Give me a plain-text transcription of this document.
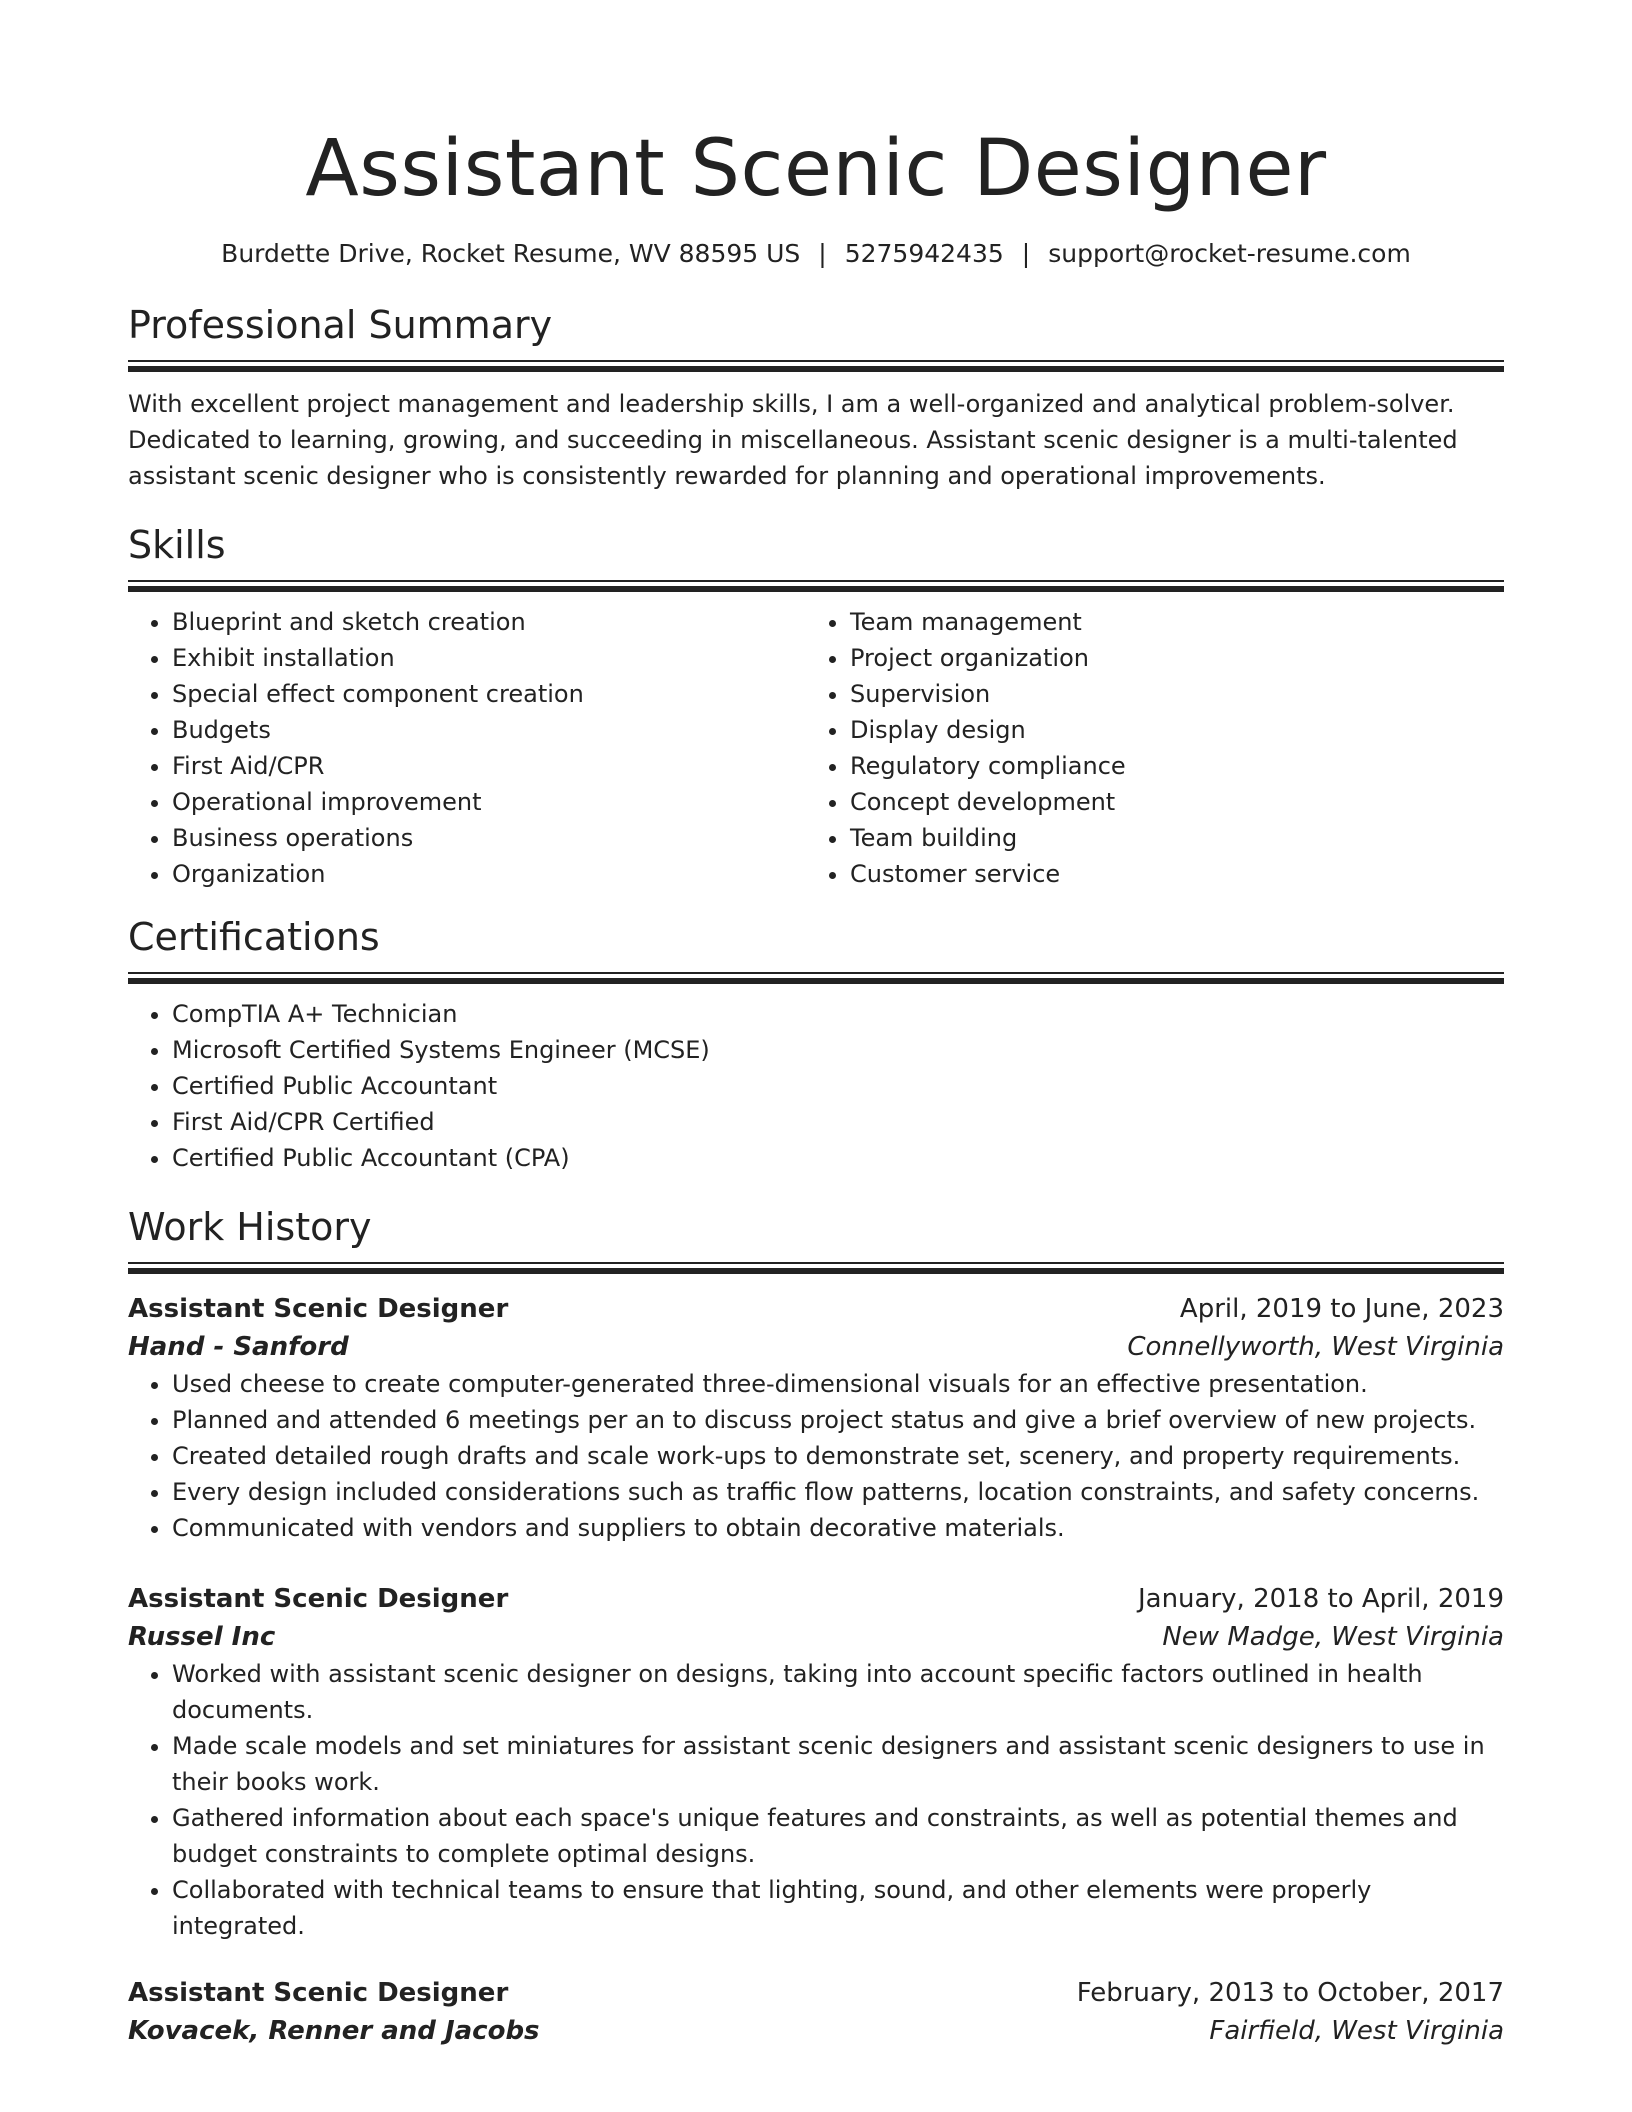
Assistant Scenic Designer
Burdette Drive, Rocket Resume, WV 88595 US | 5275942435 | support@rocket-resume.com
Professional Summary
With excellent project management and leadership skills, I am a well-organized and analytical problem-solver. Dedicated to learning, growing, and succeeding in miscellaneous. Assistant scenic designer is a multi-talented assistant scenic designer who is consistently rewarded for planning and operational improvements.
Skills
• Blueprint and sketch creation
• Exhibit installation
• Special effect component creation
• Budgets
• First Aid/CPR
• Operational improvement
• Business operations
• Organization
• Team management
• Project organization
• Supervision
• Display design
• Regulatory compliance
• Concept development
• Team building
• Customer service
Certifications
• CompTIA A+ Technician
• Microsoft Certified Systems Engineer (MCSE)
• Certified Public Accountant
• First Aid/CPR Certified
• Certified Public Accountant (CPA)
Work History
Assistant Scenic Designer	April, 2019 to June, 2023
Hand - Sanford	Connellyworth, West Virginia
• Used cheese to create computer-generated three-dimensional visuals for an effective presentation.
• Planned and attended 6 meetings per an to discuss project status and give a brief overview of new projects.
• Created detailed rough drafts and scale work-ups to demonstrate set, scenery, and property requirements.
• Every design included considerations such as traffic flow patterns, location constraints, and safety concerns.
• Communicated with vendors and suppliers to obtain decorative materials.
Assistant Scenic Designer	January, 2018 to April, 2019
Russel Inc	New Madge, West Virginia
• Worked with assistant scenic designer on designs, taking into account specific factors outlined in health documents.
• Made scale models and set miniatures for assistant scenic designers and assistant scenic designers to use in their books work.
• Gathered information about each space's unique features and constraints, as well as potential themes and budget constraints to complete optimal designs.
• Collaborated with technical teams to ensure that lighting, sound, and other elements were properly integrated.
Assistant Scenic Designer	February, 2013 to October, 2017
Kovacek, Renner and Jacobs	Fairfield, West Virginia
